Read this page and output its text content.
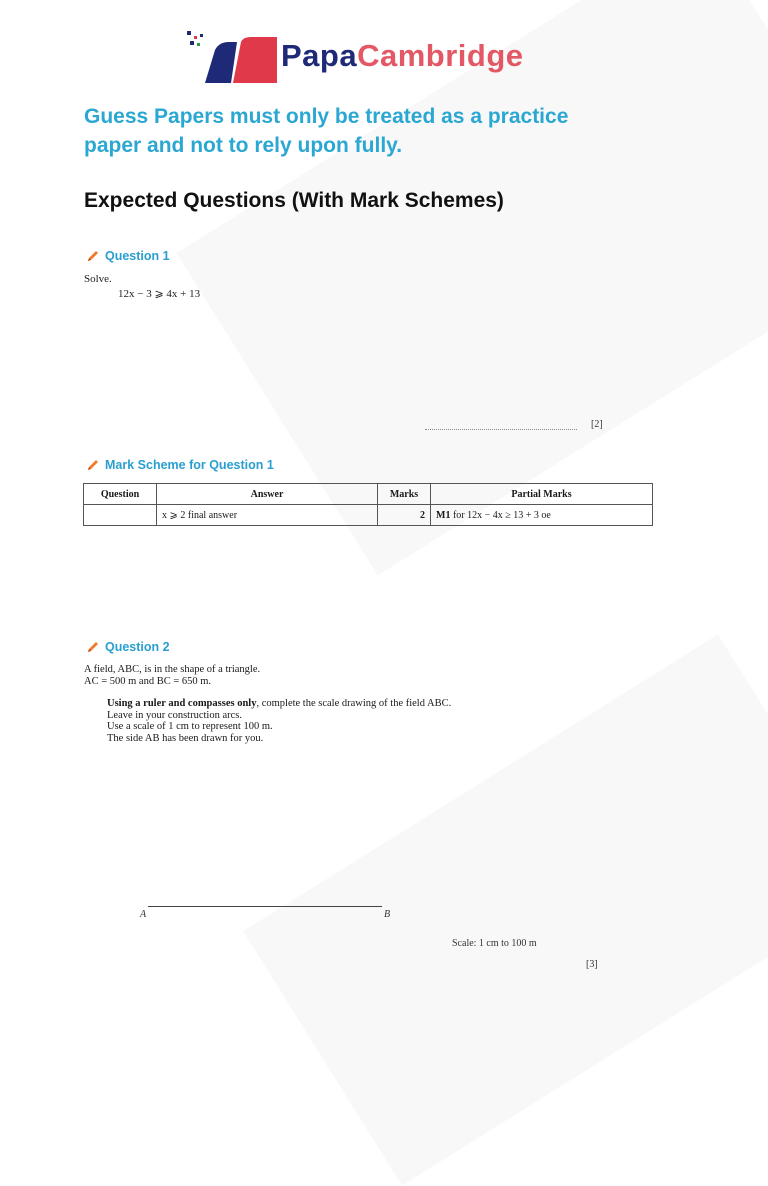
PapaCambridge
Guess Papers must only be treated as a practice
paper and not to rely upon fully.
Expected Questions (With Mark Schemes)
Question 1
Solve.
12x − 3 ⩾ 4x + 13
[2]
Mark Scheme for Question 1
Question	Answer	Marks	Partial Marks
	x ⩾ 2 final answer	2	M1 for 12x − 4x ≥ 13 + 3 oe
Question 2
A field, ABC, is in the shape of a triangle.
AC = 500 m and BC = 650 m.
Using a ruler and compasses only, complete the scale drawing of the field ABC.
Leave in your construction arcs.
Use a scale of 1 cm to represent 100 m.
The side AB has been drawn for you.
A	B
Scale: 1 cm to 100 m
[3]
